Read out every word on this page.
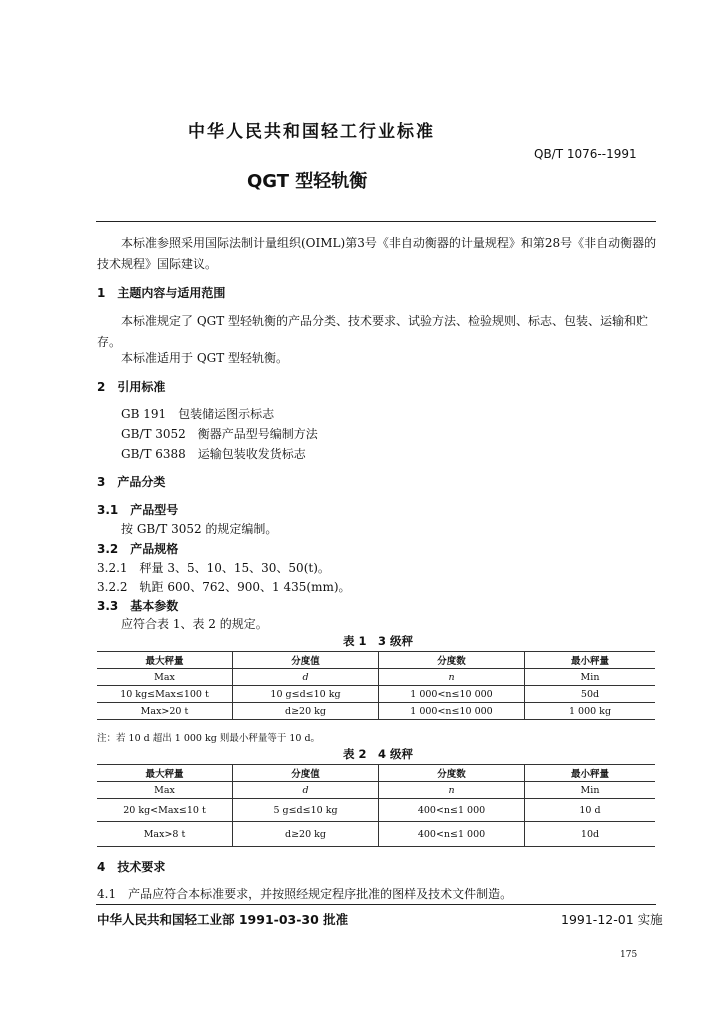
中华人民共和国轻工行业标准
QB/T 1076--1991
QGT 型轻轨衡
本标准参照采用国际法制计量组织(OIML)第3号《非自动衡器的计量规程》和第28号《非自动衡器的技术规程》国际建议。
1　主题内容与适用范围
本标准规定了 QGT 型轻轨衡的产品分类、技术要求、试验方法、检验规则、标志、包装、运输和贮存。
本标准适用于 QGT 型轻轨衡。
2　引用标准
GB 191　包装储运图示标志
GB/T 3052　衡器产品型号编制方法
GB/T 6388　运输包装收发货标志
3　产品分类
3.1　产品型号
按 GB/T 3052 的规定编制。
3.2　产品规格
3.2.1　秤量 3、5、10、15、30、50(t)。
3.2.2　轨距 600、762、900、1 435(mm)。
3.3　基本参数
应符合表 1、表 2 的规定。
表 1　3 级秤
最大秤量	分度值	分度数	最小秤量
Max	d	n	Min
10 kg≤Max≤100 t	10 g≤d≤10 kg	1 000<n≤10 000	50d
Max>20 t	d≥20 kg	1 000<n≤10 000	1 000 kg
注：若 10 d 超出 1 000 kg 则最小秤量等于 10 d。
表 2　4 级秤
最大秤量	分度值	分度数	最小秤量
Max	d	n	Min
20 kg<Max≤10 t	5 g≤d≤10 kg	400<n≤1 000	10 d
Max>8 t	d≥20 kg	400<n≤1 000	10d
4　技术要求
4.1　产品应符合本标准要求，并按照经规定程序批准的图样及技术文件制造。
中华人民共和国轻工业部 1991-03-30 批准	1991-12-01 实施
175
